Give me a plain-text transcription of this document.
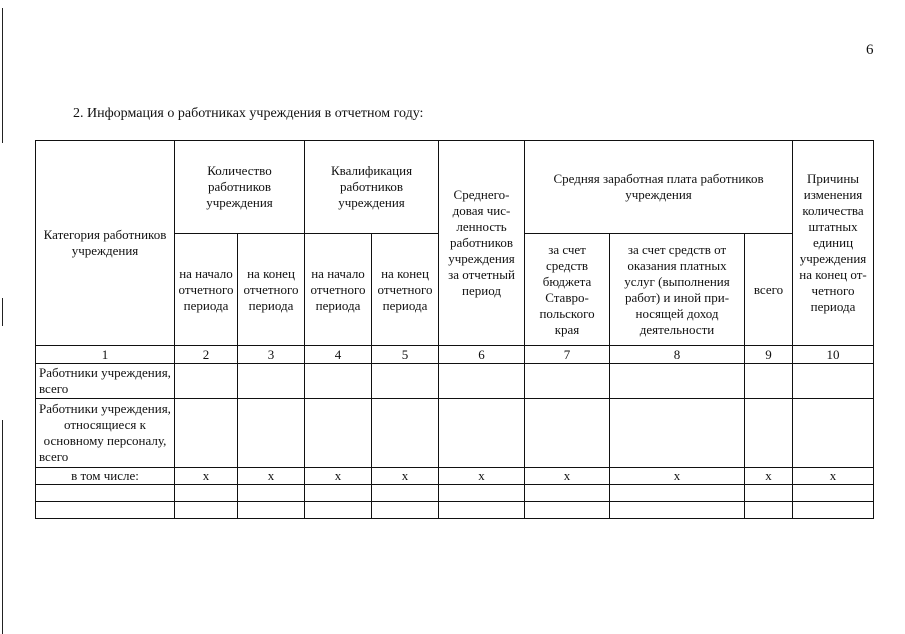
6
2. Информация о работниках учреждения в отчетном году:
Категория работников учреждения	Количество работников учреждения		Квалификация работников учреждения		Среднегодовая численность работников учреждения за отчетный период	Средняя заработная плата работников учреждения			Причины изменения количества штатных единиц учреждения на конец отчетного периода
	на начало отчетного периода	на конец отчетного периода	на начало отчетного периода	на конец отчетного периода		за счет средств бюджета Ставропольского края	за счет средств от оказания платных услуг (выполнения работ) и иной приносящей доход деятельности	всего	
1	2	3	4	5	6	7	8	9	10
Работники учреждения, всего									
Работники учреждения, относящиеся к основному персоналу, всего									
в том числе:	x	x	x	x	x	x	x	x	x
